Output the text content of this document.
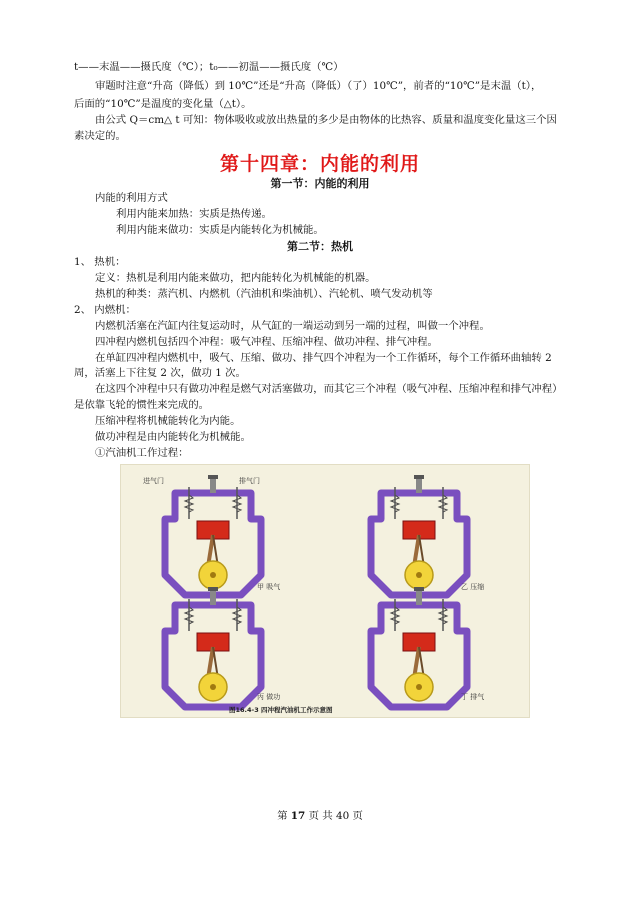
t——末温——摄氏度（℃）；t₀——初温——摄氏度（℃）
审题时注意“升高（降低）到 10℃”还是“升高（降低）（了）10℃”，前者的“10℃”是末温（t），
后面的“10℃”是温度的变化量（△t）。
由公式 Q＝cm△ t 可知：物体吸收或放出热量的多少是由物体的比热容、质量和温度变化量这三个因
素决定的。
第十四章：内能的利用
第一节：内能的利用
内能的利用方式
利用内能来加热：实质是热传递。
利用内能来做功：实质是内能转化为机械能。
第二节：热机
1、 热机：
定义：热机是利用内能来做功，把内能转化为机械能的机器。
热机的种类：蒸汽机、内燃机（汽油机和柴油机）、汽轮机、喷气发动机等
2、 内燃机：
内燃机活塞在汽缸内往复运动时，从气缸的一端运动到另一端的过程，叫做一个冲程。
四冲程内燃机包括四个冲程：吸气冲程、压缩冲程、做功冲程、排气冲程。
在单缸四冲程内燃机中，吸气、压缩、做功、排气四个冲程为一个工作循环，每个工作循环曲轴转 2
周，活塞上下往复 2 次，做功 1 次。
在这四个冲程中只有做功冲程是燃气对活塞做功，而其它三个冲程（吸气冲程、压缩冲程和排气冲程）
是依靠飞轮的惯性来完成的。
压缩冲程将机械能转化为内能。
做功冲程是由内能转化为机械能。
①汽油机工作过程：
进气门	排气门
甲 吸气	乙 压缩
丙 做功	丁 排气
图16.4-3 四冲程汽油机工作示意图
第 17 页 共 40 页
